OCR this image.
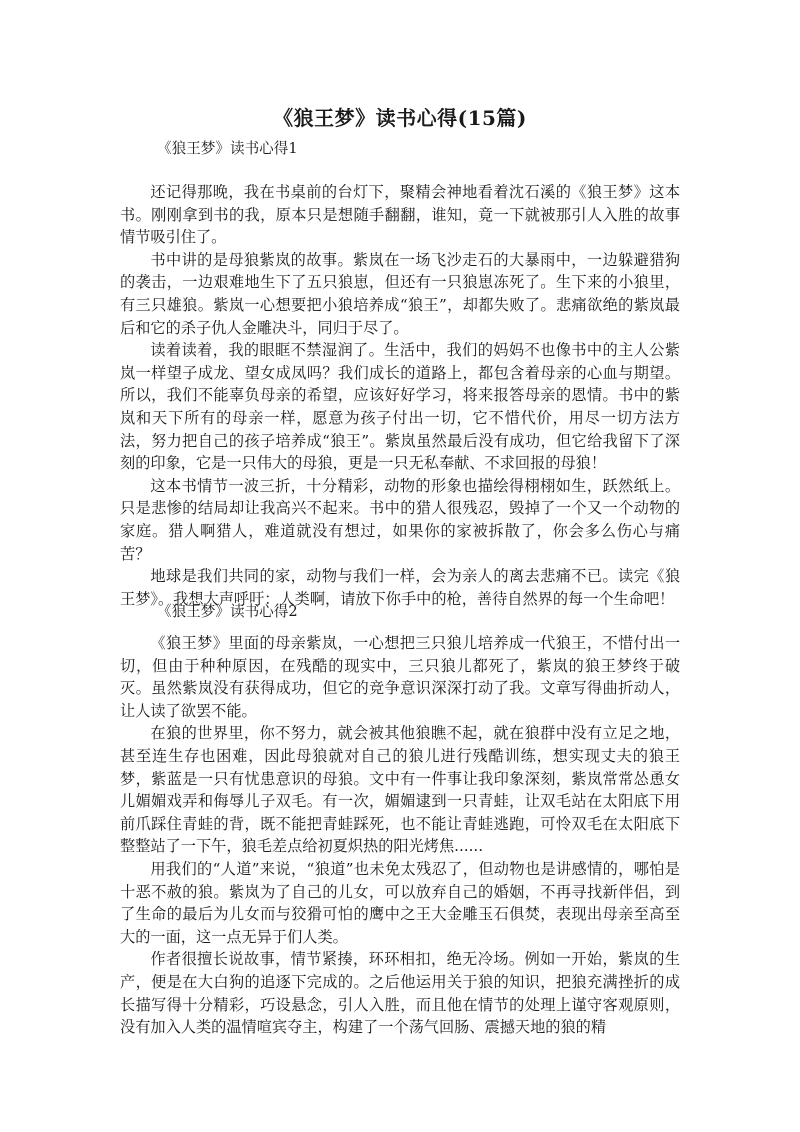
《狼王梦》读书心得(15篇)

《狼王梦》读书心得1

还记得那晚，我在书桌前的台灯下，聚精会神地看着沈石溪的《狼王梦》这本书。刚刚拿到书的我，原本只是想随手翻翻，谁知，竟一下就被那引人入胜的故事情节吸引住了。

书中讲的是母狼紫岚的故事。紫岚在一场飞沙走石的大暴雨中，一边躲避猎狗的袭击，一边艰难地生下了五只狼崽，但还有一只狼崽冻死了。生下来的小狼里，有三只雄狼。紫岚一心想要把小狼培养成“狼王”，却都失败了。悲痛欲绝的紫岚最后和它的杀子仇人金雕决斗，同归于尽了。

读着读着，我的眼眶不禁湿润了。生活中，我们的妈妈不也像书中的主人公紫岚一样望子成龙、望女成凤吗？我们成长的道路上，都包含着母亲的心血与期望。所以，我们不能辜负母亲的希望，应该好好学习，将来报答母亲的恩情。书中的紫岚和天下所有的母亲一样，愿意为孩子付出一切，它不惜代价，用尽一切方法方法，努力把自己的孩子培养成“狼王”。紫岚虽然最后没有成功，但它给我留下了深刻的印象，它是一只伟大的母狼，更是一只无私奉献、不求回报的母狼！

这本书情节一波三折，十分精彩，动物的形象也描绘得栩栩如生，跃然纸上。只是悲惨的结局却让我高兴不起来。书中的猎人很残忍，毁掉了一个又一个动物的家庭。猎人啊猎人，难道就没有想过，如果你的家被拆散了，你会多么伤心与痛苦？

地球是我们共同的家，动物与我们一样，会为亲人的离去悲痛不已。读完《狼王梦》。我想大声呼吁：人类啊，请放下你手中的枪，善待自然界的每一个生命吧！

《狼王梦》读书心得2

《狼王梦》里面的母亲紫岚，一心想把三只狼儿培养成一代狼王，不惜付出一切，但由于种种原因，在残酷的现实中，三只狼儿都死了，紫岚的狼王梦终于破灭。虽然紫岚没有获得成功，但它的竞争意识深深打动了我。文章写得曲折动人，让人读了欲罢不能。

在狼的世界里，你不努力，就会被其他狼瞧不起，就在狼群中没有立足之地，甚至连生存也困难，因此母狼就对自己的狼儿进行残酷训练，想实现丈夫的狼王梦，紫蓝是一只有忧患意识的母狼。文中有一件事让我印象深刻，紫岚常常怂恿女儿媚媚戏弄和侮辱儿子双毛。有一次，媚媚逮到一只青蛙，让双毛站在太阳底下用前爪踩住青蛙的背，既不能把青蛙踩死，也不能让青蛙逃跑，可怜双毛在太阳底下整整站了一下午，狼毛差点给初夏炽热的阳光烤焦......

用我们的“人道”来说，“狼道”也未免太残忍了，但动物也是讲感情的，哪怕是十恶不赦的狼。紫岚为了自己的儿女，可以放弃自己的婚姻，不再寻找新伴侣，到了生命的最后为儿女而与狡猾可怕的鹰中之王大金雕玉石俱焚，表现出母亲至高至大的一面，这一点无异于们人类。

作者很擅长说故事，情节紧揍，环环相扣，绝无冷场。例如一开始，紫岚的生产，便是在大白狗的追逐下完成的。之后他运用关于狼的知识，把狼充满挫折的成长描写得十分精彩，巧设悬念，引人入胜，而且他在情节的处理上谨守客观原则，没有加入人类的温情喧宾夺主，构建了一个荡气回肠、震撼天地的狼的精
